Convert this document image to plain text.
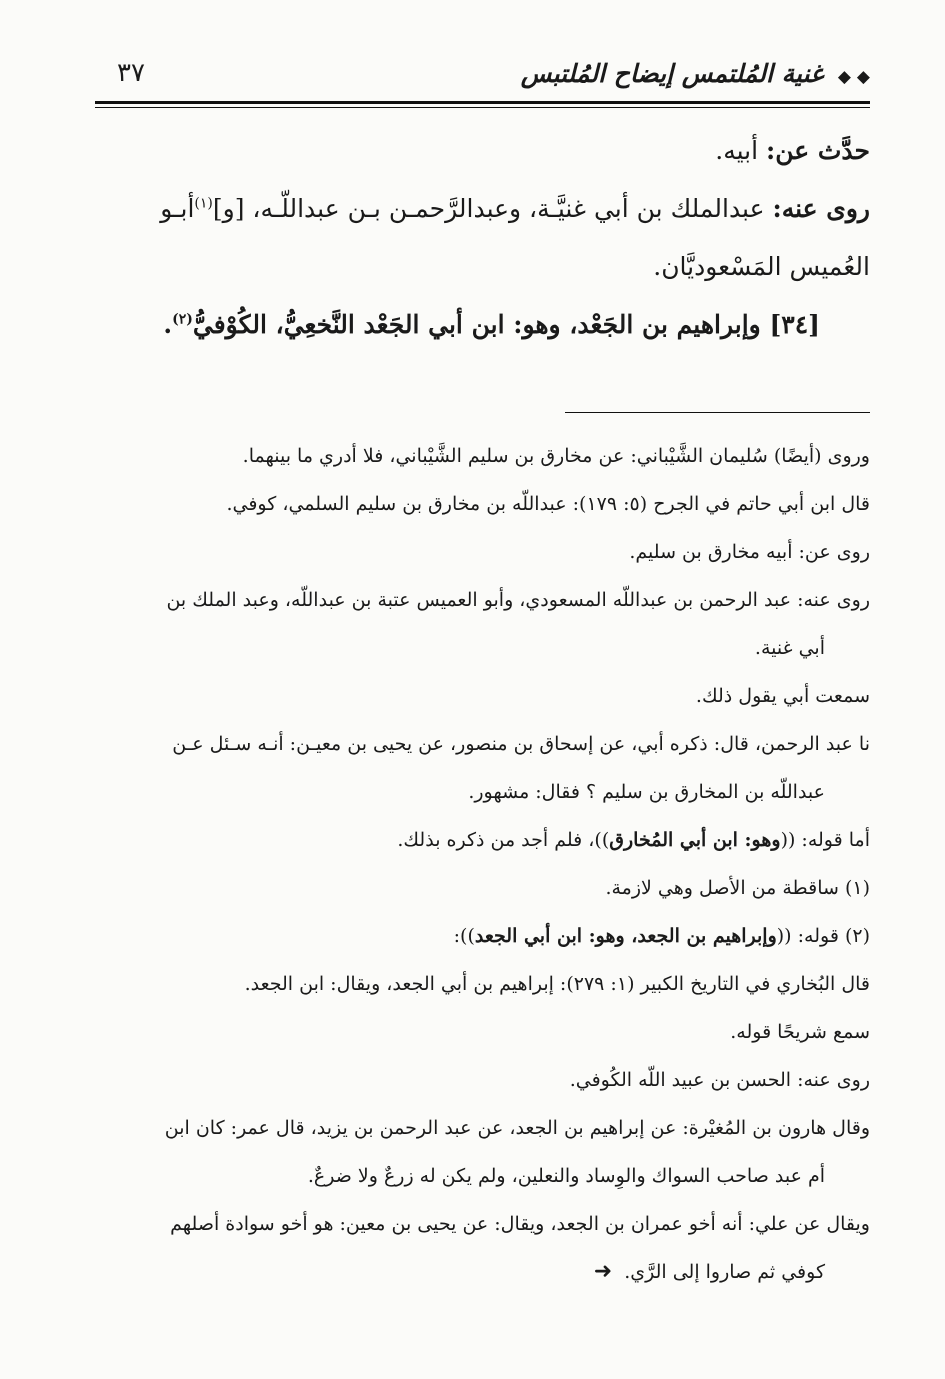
◆ ◆ غنية المُلتمس إيضاح المُلتبس
٣٧

حدَّث عن: أبيه.

روى عنه: عبدالملك بن أبي غنيَّـة، وعبدالرَّحمـن بـن عبداللّـه، [و]$^{(١)}$أبـو

العُميس المَسْعوديَّان.

[٣٤] وإبراهيم بن الجَعْد، وهو: ابن أبي الجَعْد النَّخعِيُّ، الكُوْفيُّ$^{(٢)}$.

وروى (أيضًا) سُليمان الشَّيْباني: عن مخارق بن سليم الشَّيْباني، فلا أدري ما بينهما.

قال ابن أبي حاتم في الجرح (٥: ١٧٩): عبداللّه بن مخارق بن سليم السلمي، كوفي.

روى عن: أبيه مخارق بن سليم.

روى عنه: عبد الرحمن بن عبداللّه المسعودي، وأبو العميس عتبة بن عبداللّه، وعبد الملك بن

أبي غنية.

سمعت أبي يقول ذلك.

نا عبد الرحمن، قال: ذكره أبي، عن إسحاق بن منصور، عن يحيى بن معيـن: أنـه سـئل عـن

عبداللّه بن المخارق بن سليم ؟ فقال: مشهور.

أما قوله: ((وهو: ابن أبي المُخارق))، فلم أجد من ذكره بذلك.

(١) ساقطة من الأصل وهي لازمة.

(٢) قوله: ((وإبراهيم بن الجعد، وهو: ابن أبي الجعد)):

قال البُخاري في التاريخ الكبير (١: ٢٧٩): إبراهيم بن أبي الجعد، ويقال: ابن الجعد.

سمع شريحًا قوله.

روى عنه: الحسن بن عبيد اللّه الكُوفي.

وقال هارون بن المُغيْرة: عن إبراهيم بن الجعد، عن عبد الرحمن بن يزيد، قال عمر: كان ابن

أم عبد صاحب السواك والوِساد والنعلين، ولم يكن له زرعٌ ولا ضرعٌ.

ويقال عن علي: أنه أخو عمران بن الجعد، ويقال: عن يحيى بن معين: هو أخو سوادة أصلهم

كوفي ثم صاروا إلى الرَّي.➜
